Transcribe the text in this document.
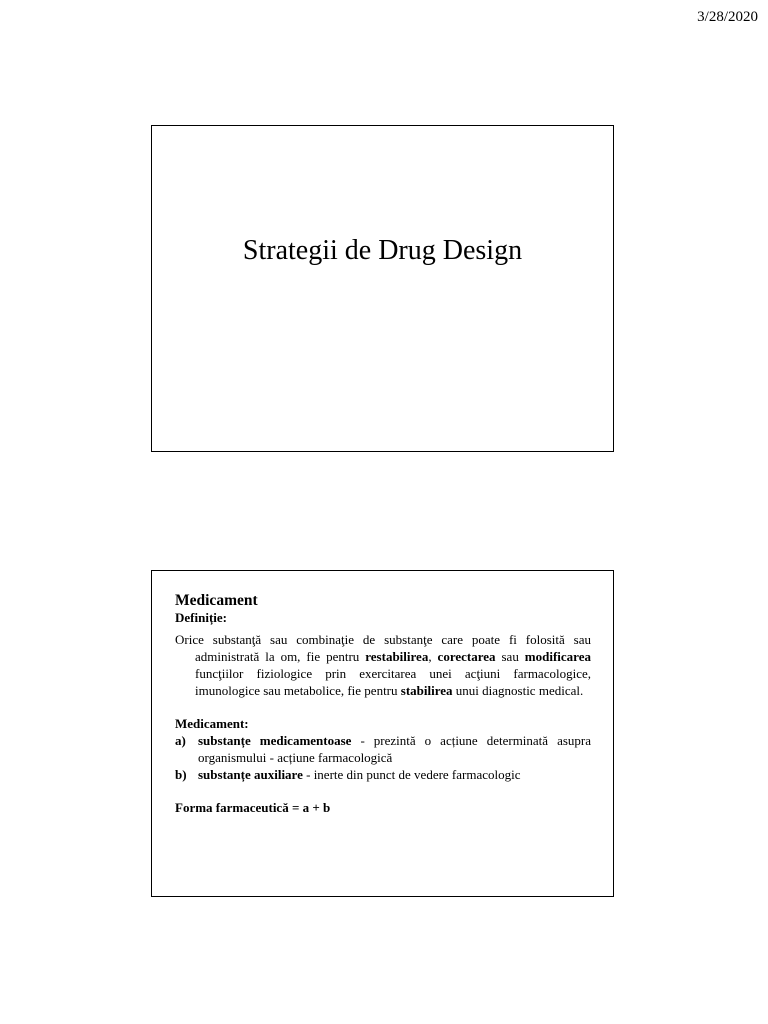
3/28/2020
Strategii de Drug Design
Medicament
Definiție:
Orice substanţă sau combinaţie de substanţe care poate fi folosită sau administrată la om, fie pentru restabilirea, corectarea sau modificarea funcţiilor fiziologice prin exercitarea unei acţiuni farmacologice, imunologice sau metabolice, fie pentru stabilirea unui diagnostic medical.
Medicament:
a) substanțe medicamentoase - prezintă o acțiune determinată asupra organismului - acțiune farmacologică
b) substanțe auxiliare - inerte din punct de vedere farmacologic
Forma farmaceutică = a + b
